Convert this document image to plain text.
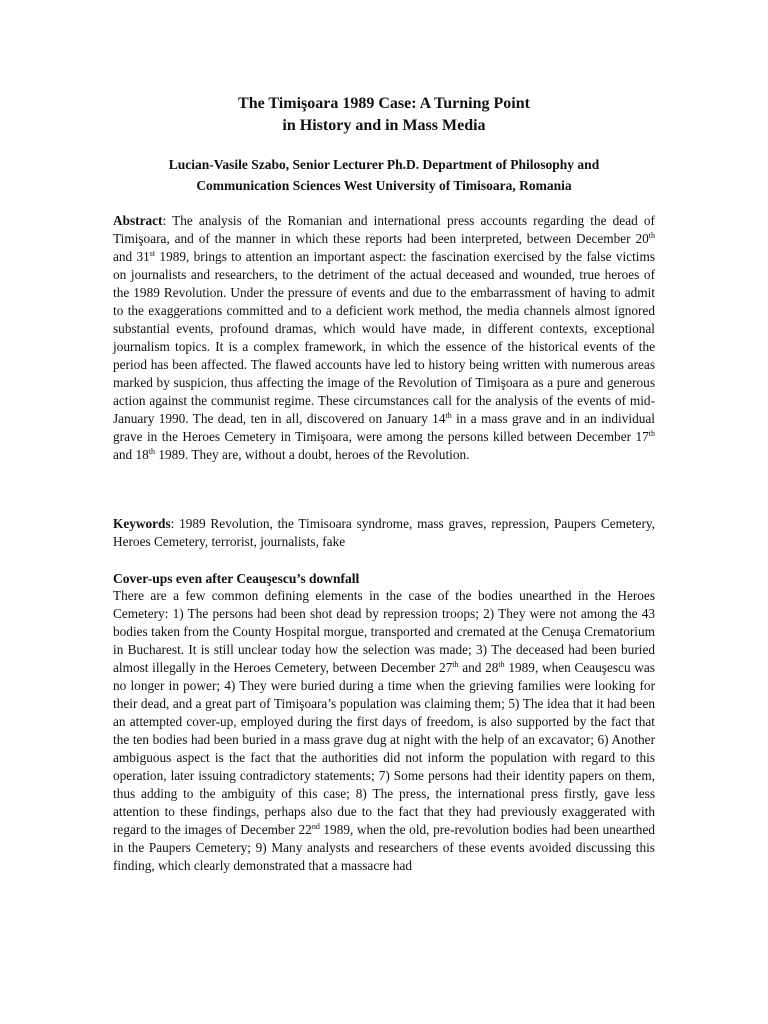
The Timişoara 1989 Case: A Turning Point
in History and in Mass Media
Lucian-Vasile Szabo, Senior Lecturer Ph.D. Department of Philosophy and
Communication Sciences West University of Timisoara, Romania
Abstract: The analysis of the Romanian and international press accounts regarding the dead of Timişoara, and of the manner in which these reports had been interpreted, between December 20th and 31st 1989, brings to attention an important aspect: the fascination exercised by the false victims on journalists and researchers, to the detriment of the actual deceased and wounded, true heroes of the 1989 Revolution. Under the pressure of events and due to the embarrassment of having to admit to the exaggerations committed and to a deficient work method, the media channels almost ignored substantial events, profound dramas, which would have made, in different contexts, exceptional journalism topics. It is a complex framework, in which the essence of the historical events of the period has been affected. The flawed accounts have led to history being written with numerous areas marked by suspicion, thus affecting the image of the Revolution of Timişoara as a pure and generous action against the communist regime. These circumstances call for the analysis of the events of mid-January 1990. The dead, ten in all, discovered on January 14th in a mass grave and in an individual grave in the Heroes Cemetery in Timişoara, were among the persons killed between December 17th and 18th 1989. They are, without a doubt, heroes of the Revolution.
Keywords: 1989 Revolution, the Timisoara syndrome, mass graves, repression, Paupers Cemetery, Heroes Cemetery, terrorist, journalists, fake
Cover-ups even after Ceauşescu’s downfall
There are a few common defining elements in the case of the bodies unearthed in the Heroes Cemetery: 1) The persons had been shot dead by repression troops; 2) They were not among the 43 bodies taken from the County Hospital morgue, transported and cremated at the Cenuşa Crematorium in Bucharest. It is still unclear today how the selection was made; 3) The deceased had been buried almost illegally in the Heroes Cemetery, between December 27th and 28th 1989, when Ceauşescu was no longer in power; 4) They were buried during a time when the grieving families were looking for their dead, and a great part of Timişoara’s population was claiming them; 5) The idea that it had been an attempted cover-up, employed during the first days of freedom, is also supported by the fact that the ten bodies had been buried in a mass grave dug at night with the help of an excavator; 6) Another ambiguous aspect is the fact that the authorities did not inform the population with regard to this operation, later issuing contradictory statements; 7) Some persons had their identity papers on them, thus adding to the ambiguity of this case; 8) The press, the international press firstly, gave less attention to these findings, perhaps also due to the fact that they had previously exaggerated with regard to the images of December 22nd 1989, when the old, pre-revolution bodies had been unearthed in the Paupers Cemetery; 9) Many analysts and researchers of these events avoided discussing this finding, which clearly demonstrated that a massacre had
